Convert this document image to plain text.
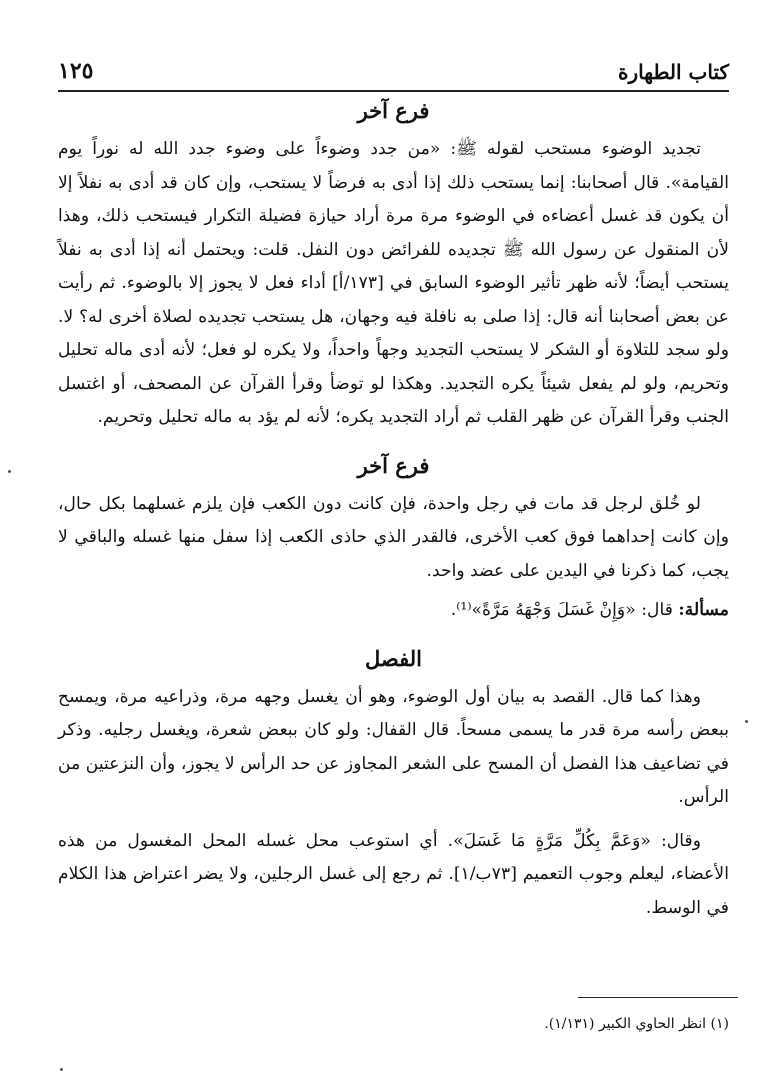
كتاب الطهارة
١٢٥
فرع آخر

تجديد الوضوء مستحب لقوله ﷺ: «من جدد وضوءاً على وضوء جدد الله له نوراً يوم القيامة». قال أصحابنا: إنما يستحب ذلك إذا أدى به فرضاً لا يستحب، وإن كان قد أدى به نفلاً إلا أن يكون قد غسل أعضاءه في الوضوء مرة مرة أراد حيازة فضيلة التكرار فيستحب ذلك، وهذا لأن المنقول عن رسول الله ﷺ تجديده للفرائض دون النفل. قلت: ويحتمل أنه إذا أدى به نفلاً يستحب أيضاً؛ لأنه ظهر تأثير الوضوء السابق في [١٧٣/أ] أداء فعل لا يجوز إلا بالوضوء. ثم رأيت عن بعض أصحابنا أنه قال: إذا صلى به نافلة فيه وجهان، هل يستحب تجديده لصلاة أخرى له؟ لا. ولو سجد للتلاوة أو الشكر لا يستحب التجديد وجهاً واحداً، ولا يكره لو فعل؛ لأنه أدى ماله تحليل وتحريم، ولو لم يفعل شيئاً يكره التجديد. وهكذا لو توضأ وقرأ القرآن عن المصحف، أو اغتسل الجنب وقرأ القرآن عن ظهر القلب ثم أراد التجديد يكره؛ لأنه لم يؤد به ماله تحليل وتحريم.

فرع آخر

لو خُلق لرجل قد مات في رجل واحدة، فإن كانت دون الكعب فإن يلزم غسلهما بكل حال، وإن كانت إحداهما فوق كعب الأخرى، فالقدر الذي حاذى الكعب إذا سفل منها غسله والباقي لا يجب، كما ذكرنا في اليدين على عضد واحد.

مسألة: قال: «وَإِنْ غَسَلَ وَجْهَهُ مَرَّةً»⁽¹⁾.

الفصل

وهذا كما قال. القصد به بيان أول الوضوء، وهو أن يغسل وجهه مرة، وذراعيه مرة، ويمسح ببعض رأسه مرة قدر ما يسمى مسحاً. قال القفال: ولو كان ببعض شعرة، ويغسل رجليه. وذكر في تضاعيف هذا الفصل أن المسح على الشعر المجاوز عن حد الرأس لا يجوز، وأن النزعتين من الرأس.

وقال: «وَعَمَّ بِكُلِّ مَرَّةٍ مَا غَسَلَ». أي استوعب محل غسله المحل المغسول من هذه الأعضاء، ليعلم وجوب التعميم [٧٣ب/١]. ثم رجع إلى غسل الرجلين، ولا يضر اعتراض هذا الكلام في الوسط.

(١) انظر الحاوي الكبير (١/١٣١).
